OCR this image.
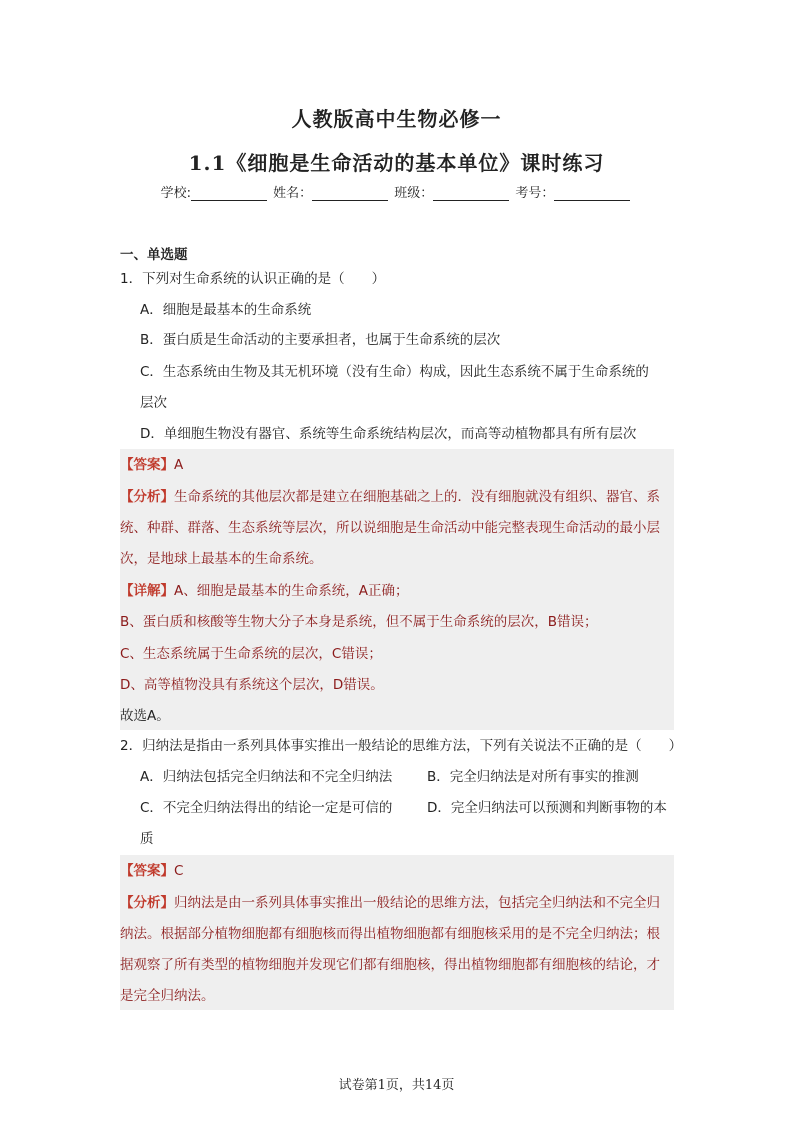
人教版高中生物必修一
1.1《细胞是生命活动的基本单位》课时练习
学校:	姓名：	班级：	考号：
一、单选题
1．下列对生命系统的认识正确的是（　　）
A．细胞是最基本的生命系统
B．蛋白质是生命活动的主要承担者，也属于生命系统的层次
C．生态系统由生物及其无机环境（没有生命）构成，因此生态系统不属于生命系统的
层次
D．单细胞生物没有器官、系统等生命系统结构层次，而高等动植物都具有所有层次
【答案】A
【分析】生命系统的其他层次都是建立在细胞基础之上的．没有细胞就没有组织、器官、系
统、种群、群落、生态系统等层次，所以说细胞是生命活动中能完整表现生命活动的最小层
次，是地球上最基本的生命系统。
【详解】A、细胞是最基本的生命系统，A正确；
B、蛋白质和核酸等生物大分子本身是系统，但不属于生命系统的层次，B错误；
C、生态系统属于生命系统的层次，C错误；
D、高等植物没具有系统这个层次，D错误。
故选A。
2．归纳法是指由一系列具体事实推出一般结论的思维方法，下列有关说法不正确的是（　　）
A．归纳法包括完全归纳法和不完全归纳法	B．完全归纳法是对所有事实的推测
C．不完全归纳法得出的结论一定是可信的	D．完全归纳法可以预测和判断事物的本
质
【答案】C
【分析】归纳法是由一系列具体事实推出一般结论的思维方法，包括完全归纳法和不完全归
纳法。根据部分植物细胞都有细胞核而得出植物细胞都有细胞核采用的是不完全归纳法；根
据观察了所有类型的植物细胞并发现它们都有细胞核，得出植物细胞都有细胞核的结论，才
是完全归纳法。
试卷第1页，共14页
